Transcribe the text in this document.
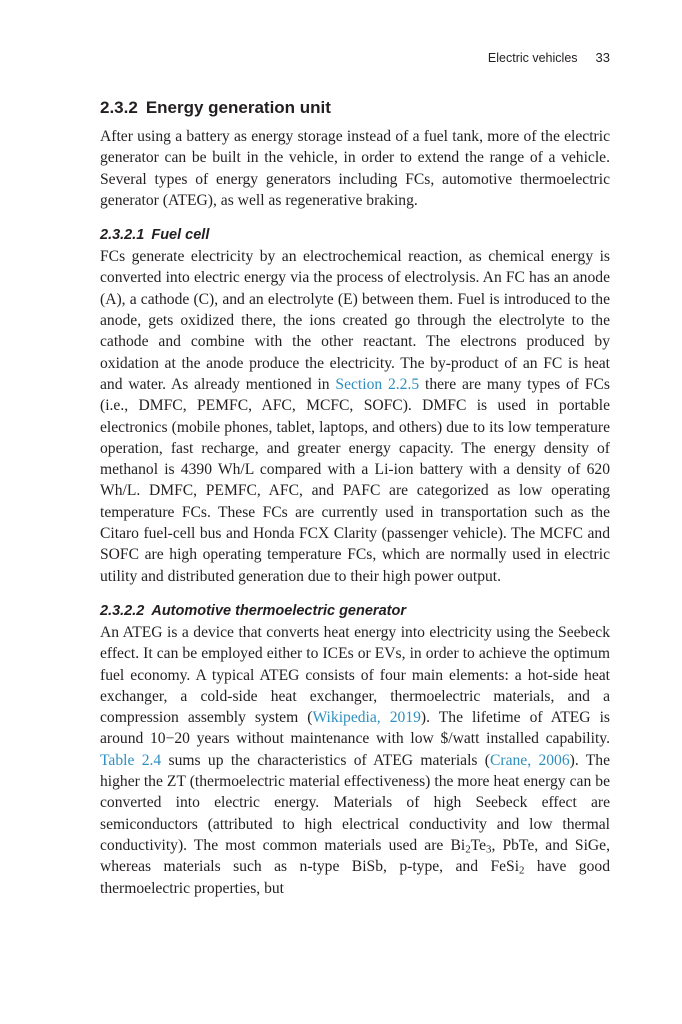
Electric vehicles 33
2.3.2 Energy generation unit

After using a battery as energy storage instead of a fuel tank, more of the electric generator can be built in the vehicle, in order to extend the range of a vehicle. Several types of energy generators including FCs, automotive thermoelectric generator (ATEG), as well as regenerative braking.

2.3.2.1 Fuel cell

FCs generate electricity by an electrochemical reaction, as chemical energy is converted into electric energy via the process of electrolysis. An FC has an anode (A), a cathode (C), and an electrolyte (E) between them. Fuel is introduced to the anode, gets oxidized there, the ions created go through the electrolyte to the cathode and combine with the other reactant. The electrons produced by oxidation at the anode produce the electricity. The by-product of an FC is heat and water. As already mentioned in Section 2.2.5 there are many types of FCs (i.e., DMFC, PEMFC, AFC, MCFC, SOFC). DMFC is used in portable electronics (mobile phones, tablet, laptops, and others) due to its low temperature operation, fast recharge, and greater energy capacity. The energy density of methanol is 4390 Wh/L compared with a Li-ion battery with a density of 620 Wh/L. DMFC, PEMFC, AFC, and PAFC are categorized as low operating temperature FCs. These FCs are currently used in transportation such as the Citaro fuel-cell bus and Honda FCX Clarity (passenger vehicle). The MCFC and SOFC are high operating temperature FCs, which are normally used in electric utility and distributed generation due to their high power output.

2.3.2.2 Automotive thermoelectric generator

An ATEG is a device that converts heat energy into electricity using the Seebeck effect. It can be employed either to ICEs or EVs, in order to achieve the optimum fuel economy. A typical ATEG consists of four main elements: a hot-side heat exchanger, a cold-side heat exchanger, thermoelectric materials, and a compression assembly system (Wikipedia, 2019). The lifetime of ATEG is around 10−20 years without maintenance with low $/watt installed capability. Table 2.4 sums up the characteristics of ATEG materials (Crane, 2006). The higher the ZT (thermoelectric material effectiveness) the more heat energy can be converted into electric energy. Materials of high Seebeck effect are semiconductors (attributed to high electrical conductivity and low thermal conductivity). The most common materials used are $Bi_2Te_3$, PbTe, and SiGe, whereas materials such as n-type BiSb, p-type, and FeSi$_2$ have good thermoelectric properties, but
